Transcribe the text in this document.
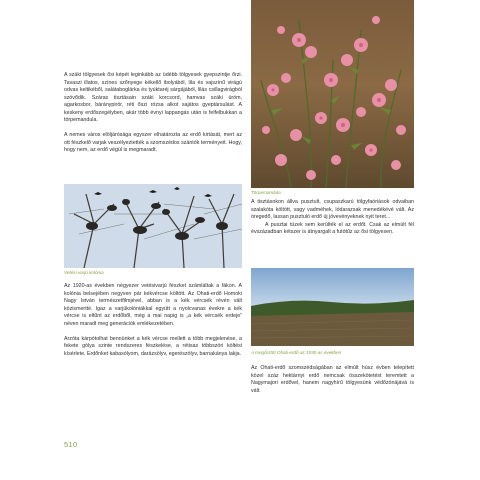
A száki tölgyesek ősi képét leginkább az üdébb tölgyesek gyepszintje őrzi. Tavaszi illatos, színes szőnyege kékellő ibolyából, lila és vajszínű virágú odvas keltikéből, salátaboglárka és tyúktaréj sárgájából, lilás csillagvirágból szövődik. Száras tisztásain száki korcsord, hamvas száki üröm, agarkosbor, báránypirór, réti őszi rózsa alkot sajátos gyeptársulást. A keskeny erdőszegélyben, akár több évnyi lappangás után is felfelbukkan a törpemandula.

A nemes város elöljárósága egyszer elhatározta az erdő kirtását, mert az ott fészkelő varjak veszélyeztették a szomszédos szántók terményeit. Hogy, hogy nem, az erdő végül is megmaradt.

Törpemandula

A tisztásokon állva pusztult, csupaszkarú tölgyfaóriások odvaiban szalakóta költött, vagy vadméhek, lódarazsak menedékévé vált. Az öregedő, lassan pusztuló erdő új jövevényeknek nyit teret...

A pusztai tüzek sem kerülték el az erdőt. Csak az elmúlt fél évszázadban kétszer is átnyargalt a futótűz az ősi tölgyesen.

Vetési varjú kolónia

Az 1920-as években négyezer vetésivarjú fészket számláltak a fákon. A kolónia belsejében negyven pár kékvércse költött. Az Ohati-erdő Homoki Nagy István természetfilmjével, abban is a kék vércsék révén vált közismertté. Igaz a varjúkolóniákkal együtt a nyolcvanas évekre a kék vércse is eltűnt az erdőből, még a mai napig is „a kék vércsék erdeje” néven maradt meg generációk emlékezetében.

Arzóta kárpótolhat bennünket a kék vércse mellett a több megjelenése, a fekete gólya szinte rendszeres fészkelése, a rétisas többszöri költési kísérlete. Erdőnket kabasólyom, darázsölyv, egerészölyv, barnakánya lakja. A megőrzött Ohati-erdő az 1930-as években

Az Ohati-erdő szomszédságában az elmúlt húsz évben telepített közel száz hektárnyi erdő nemcsak összekötetést teremtett a Nagymajori erdővel, hanem nagyhírű tölgyesünk védőzónájává is vált.

510
